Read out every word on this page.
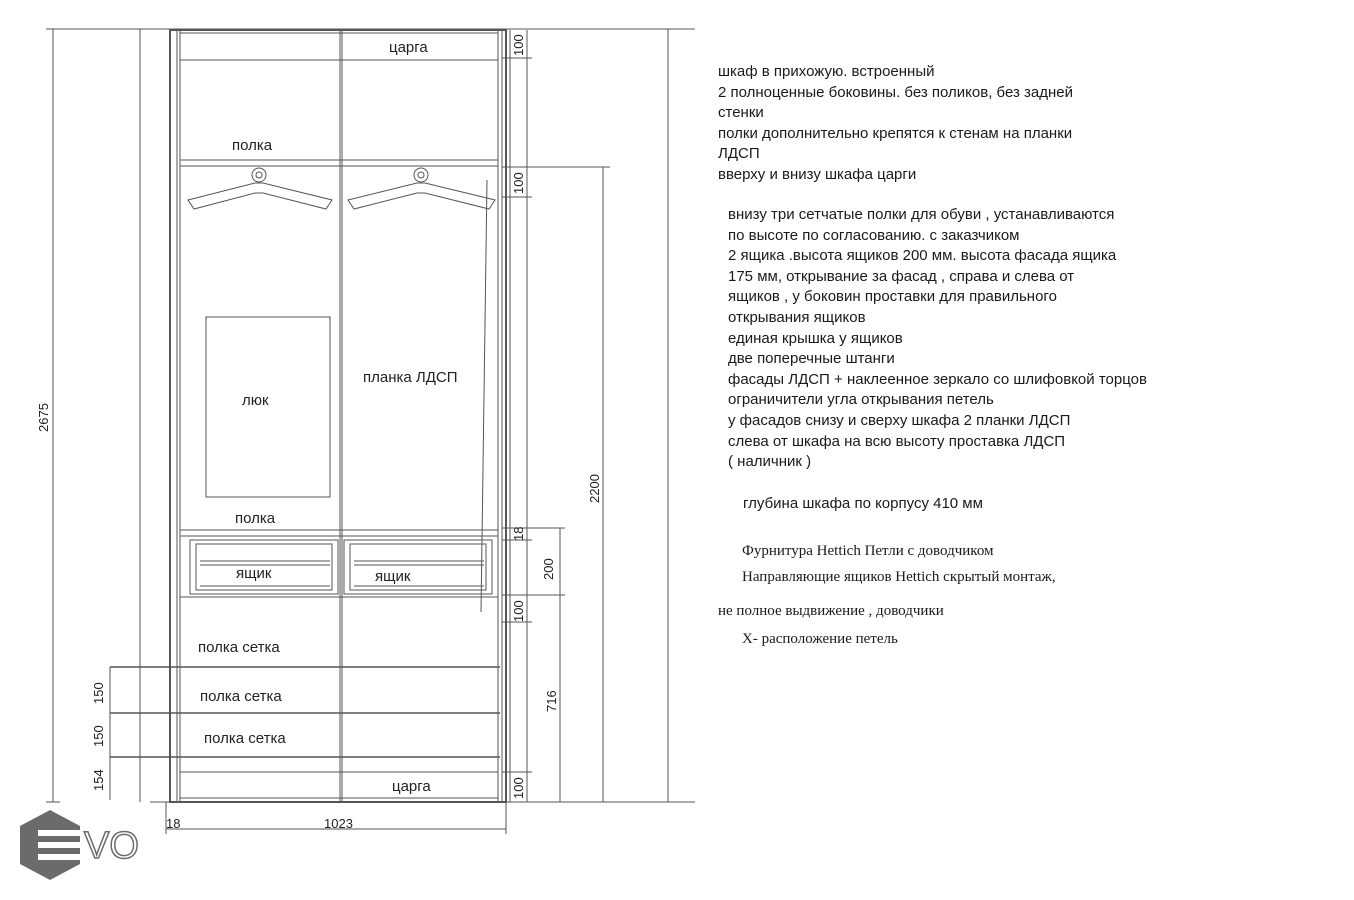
царга
полка
люк
планка ЛДСП
полка
ящик	ящик
полка сетка
полка сетка
полка сетка
царга
2675
100
100
18
200
100
716
2200
100
150
150
154
18	1023

шкаф в прихожую. встроенный

2 полноценные боковины. без поликов, без задней

стенки

полки дополнительно крепятся к стенам на планки

ЛДСП

вверху и внизу шкафа царги

внизу три сетчатые полки для обуви , устанавливаются

по высоте по согласованию. с заказчиком

2 ящика .высота ящиков 200 мм. высота фасада ящика

175 мм, открывание за фасад , справа и слева от

ящиков , у боковин проставки для правильного

открывания ящиков

единая крышка у ящиков

две поперечные штанги

фасады ЛДСП + наклеенное зеркало со шлифовкой торцов

ограничители угла открывания петель

у фасадов снизу и сверху шкафа 2 планки ЛДСП

слева от шкафа на всю высоту проставка ЛДСП

( наличник )

глубина шкафа по корпусу 410 мм

Фурнитура Hettich Петли с доводчиком

Направляющие ящиков Hettich скрытый монтаж,

не полное выдвижение , доводчики

Х- расположение петель

VO
